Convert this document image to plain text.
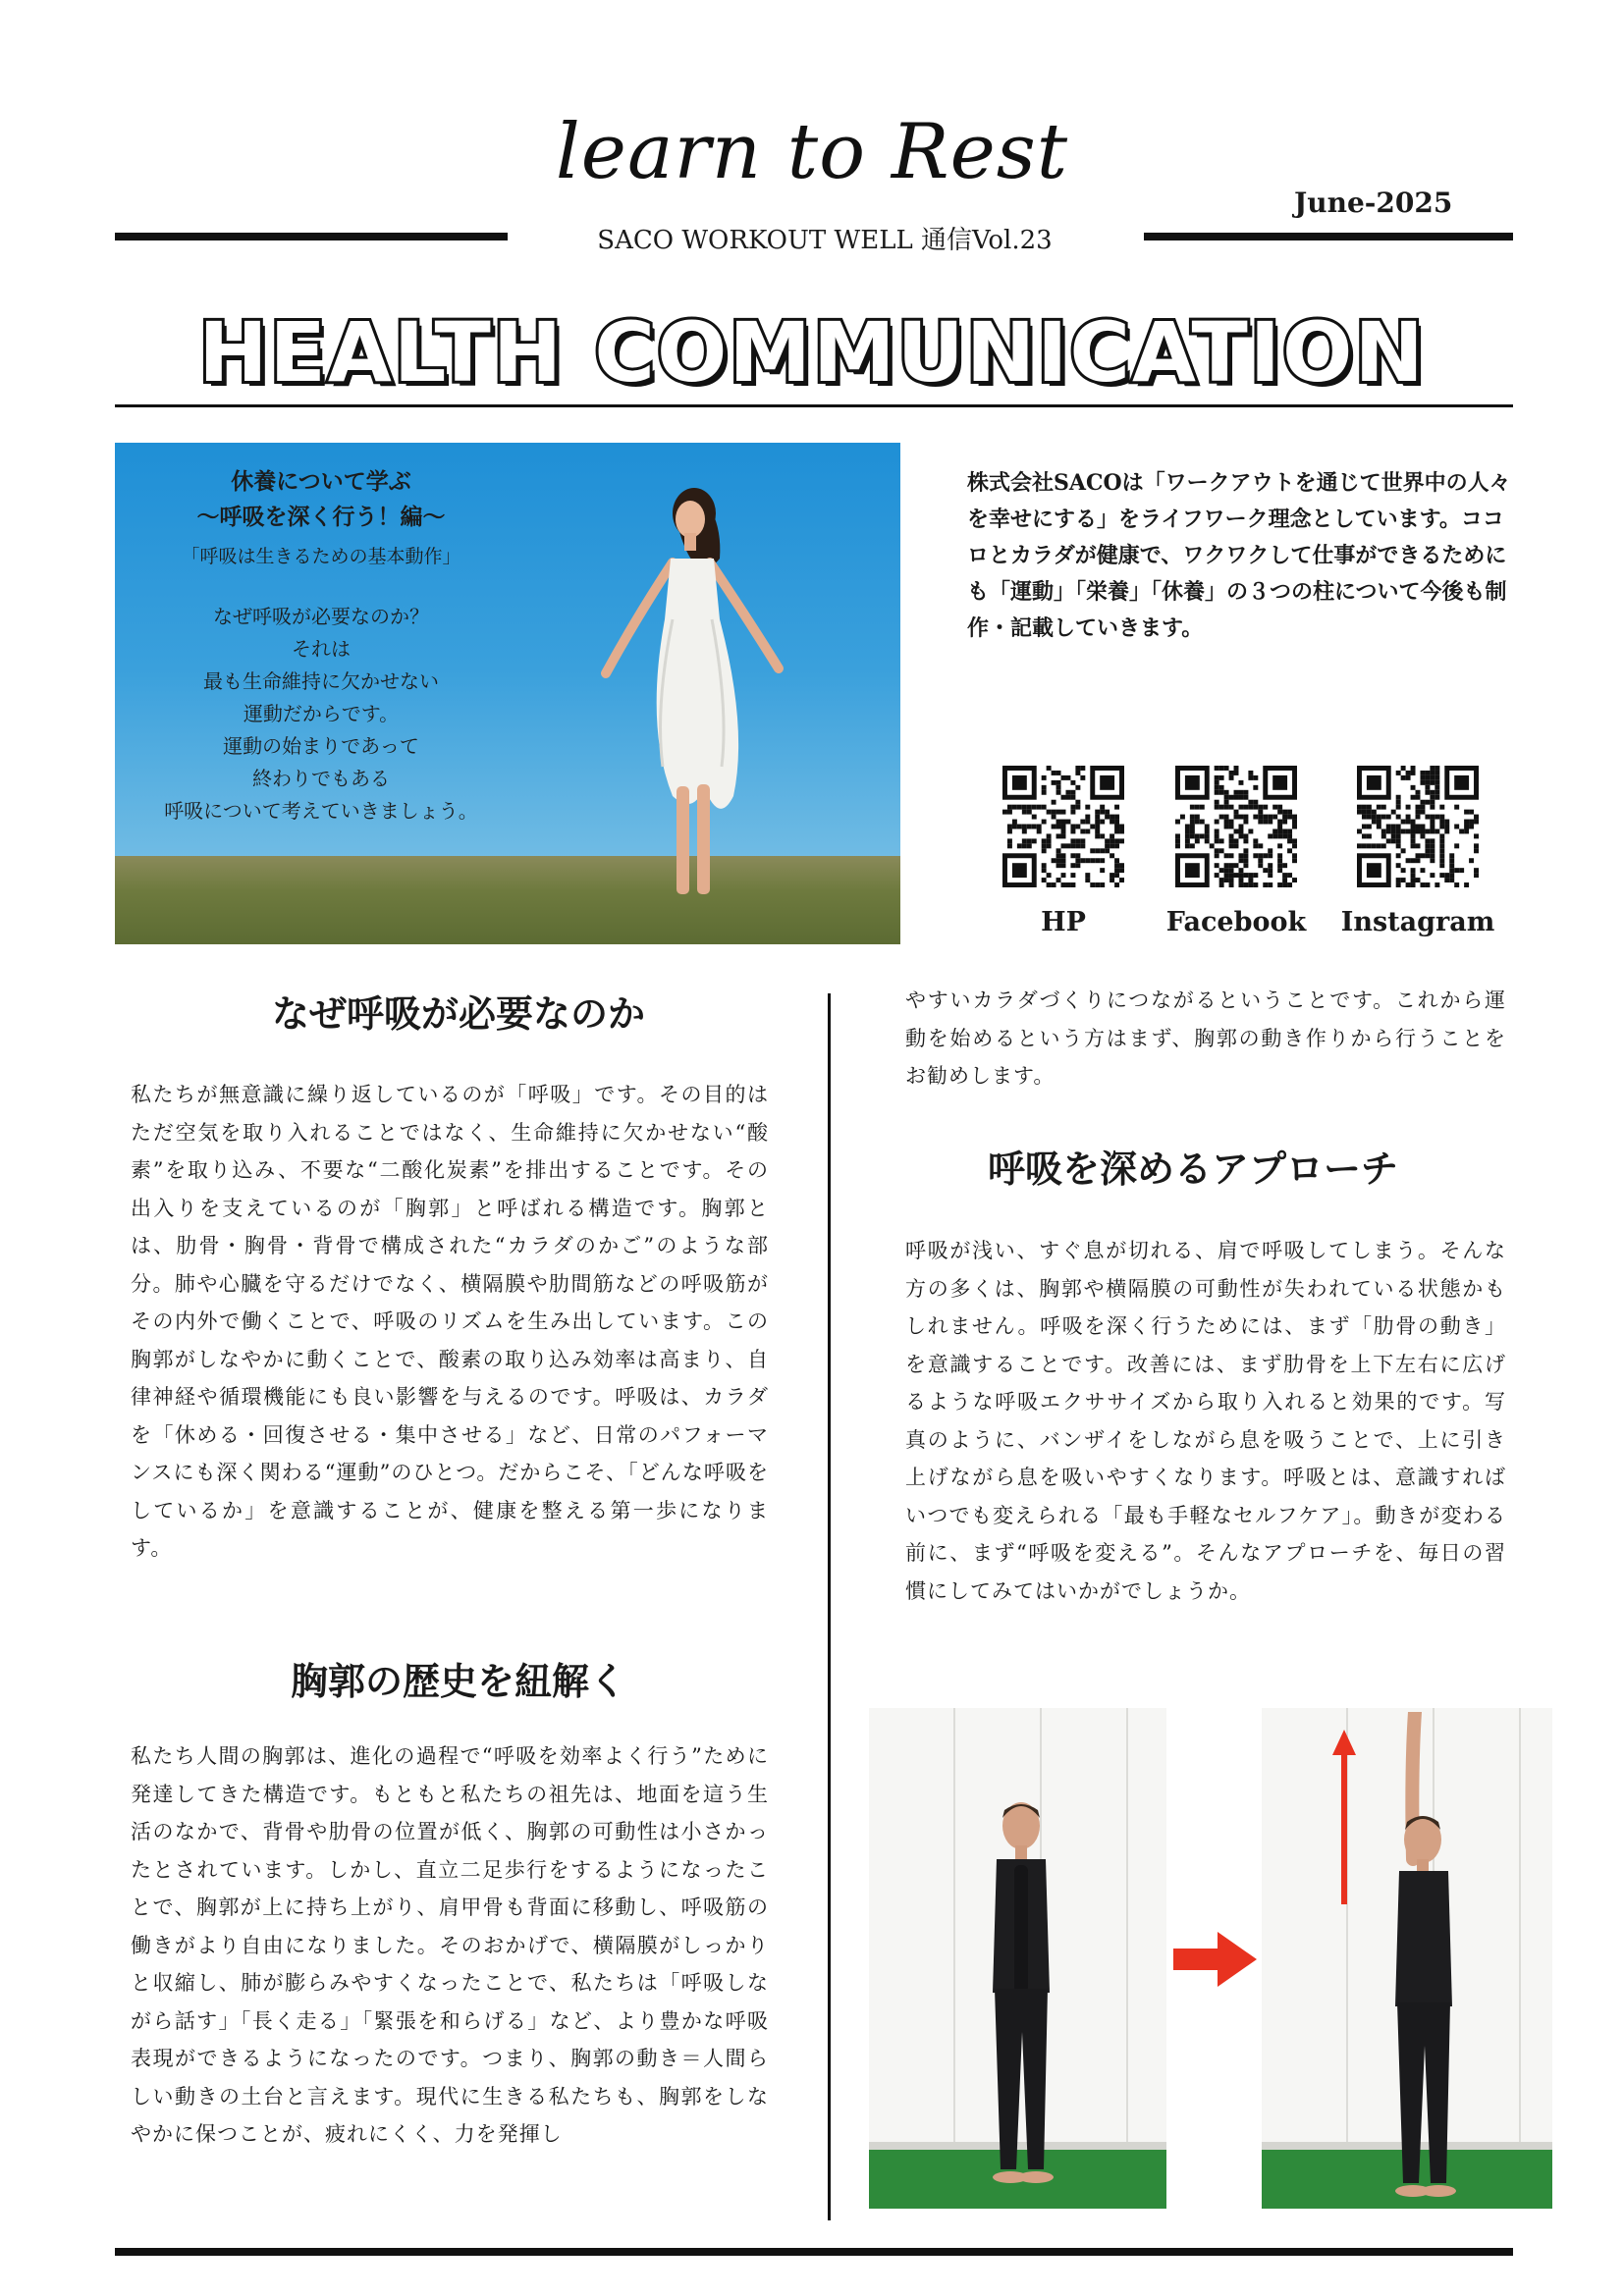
learn to Rest
June-2025
SACO WORKOUT WELL 通信Vol.23
HEALTH COMMUNICATION
休養について学ぶ
〜呼吸を深く行う！編〜
「呼吸は生きるための基本動作」
なぜ呼吸が必要なのか？
それは
最も生命維持に欠かせない
運動だからです。
運動の始まりであって
終わりでもある
呼吸について考えていきましょう。
株式会社SACOは「ワークアウトを通じて世界中の人々を幸せにする」をライフワーク理念としています。ココロとカラダが健康で、ワクワクして仕事ができるためにも「運動」「栄養」「休養」の３つの柱について今後も制作・記載していきます。
HP	Facebook	Instagram
なぜ呼吸が必要なのか
私たちが無意識に繰り返しているのが「呼吸」です。その目的はただ空気を取り入れることではなく、生命維持に欠かせない“酸素”を取り込み、不要な“二酸化炭素”を排出することです。その出入りを支えているのが「胸郭」と呼ばれる構造です。胸郭とは、肋骨・胸骨・背骨で構成された“カラダのかご”のような部分。肺や心臓を守るだけでなく、横隔膜や肋間筋などの呼吸筋がその内外で働くことで、呼吸のリズムを生み出しています。この胸郭がしなやかに動くことで、酸素の取り込み効率は高まり、自律神経や循環機能にも良い影響を与えるのです。呼吸は、カラダを「休める・回復させる・集中させる」など、日常のパフォーマンスにも深く関わる“運動”のひとつ。だからこそ、「どんな呼吸をしているか」を意識することが、健康を整える第一歩になります。
胸郭の歴史を紐解く
私たち人間の胸郭は、進化の過程で“呼吸を効率よく行う”ために発達してきた構造です。もともと私たちの祖先は、地面を這う生活のなかで、背骨や肋骨の位置が低く、胸郭の可動性は小さかったとされています。しかし、直立二足歩行をするようになったことで、胸郭が上に持ち上がり、肩甲骨も背面に移動し、呼吸筋の働きがより自由になりました。そのおかげで、横隔膜がしっかりと収縮し、肺が膨らみやすくなったことで、私たちは「呼吸しながら話す」「長く走る」「緊張を和らげる」など、より豊かな呼吸表現ができるようになったのです。つまり、胸郭の動き＝人間らしい動きの土台と言えます。現代に生きる私たちも、胸郭をしなやかに保つことが、疲れにくく、力を発揮し
やすいカラダづくりにつながるということです。これから運動を始めるという方はまず、胸郭の動き作りから行うことをお勧めします。
呼吸を深めるアプローチ
呼吸が浅い、すぐ息が切れる、肩で呼吸してしまう。そんな方の多くは、胸郭や横隔膜の可動性が失われている状態かもしれません。呼吸を深く行うためには、まず「肋骨の動き」を意識することです。改善には、まず肋骨を上下左右に広げるような呼吸エクササイズから取り入れると効果的です。写真のように、バンザイをしながら息を吸うことで、上に引き上げながら息を吸いやすくなります。呼吸とは、意識すればいつでも変えられる「最も手軽なセルフケア」。動きが変わる前に、まず“呼吸を変える”。そんなアプローチを、毎日の習慣にしてみてはいかがでしょうか。
